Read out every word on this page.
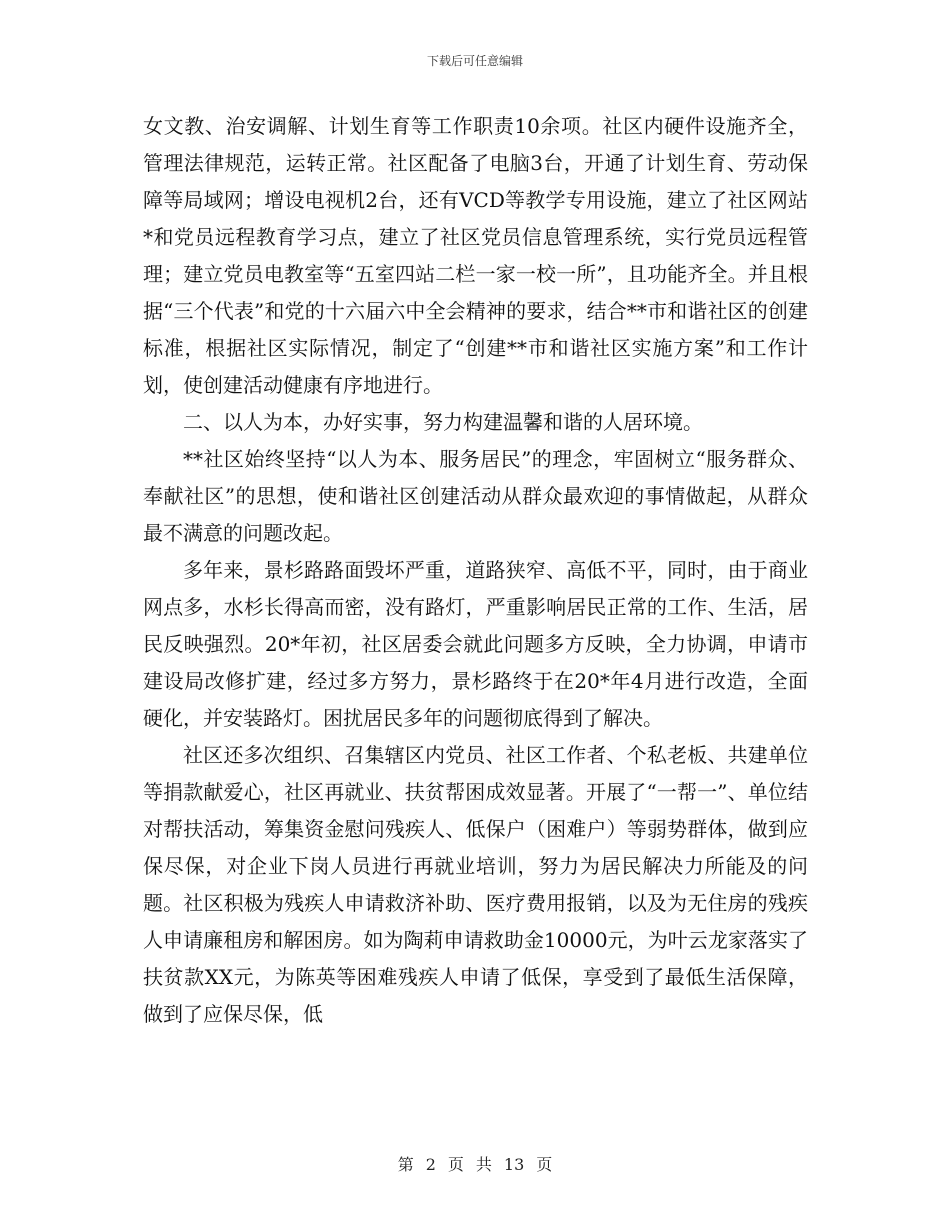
下载后可任意编辑

女文教、治安调解、计划生育等工作职责10余项。社区内硬件设施齐全，管理法律规范，运转正常。社区配备了电脑3台，开通了计划生育、劳动保障等局域网；增设电视机2台，还有VCD等教学专用设施，建立了社区网站*和党员远程教育学习点，建立了社区党员信息管理系统，实行党员远程管理；建立党员电教室等“五室四站二栏一家一校一所”，且功能齐全。并且根据“三个代表”和党的十六届六中全会精神的要求，结合**市和谐社区的创建标准，根据社区实际情况，制定了“创建**市和谐社区实施方案”和工作计划，使创建活动健康有序地进行。

二、以人为本，办好实事，努力构建温馨和谐的人居环境。

**社区始终坚持“以人为本、服务居民”的理念，牢固树立“服务群众、奉献社区”的思想，使和谐社区创建活动从群众最欢迎的事情做起，从群众最不满意的问题改起。

多年来，景杉路路面毁坏严重，道路狭窄、高低不平，同时，由于商业网点多，水杉长得高而密，没有路灯，严重影响居民正常的工作、生活，居民反映强烈。20*年初，社区居委会就此问题多方反映，全力协调，申请市建设局改修扩建，经过多方努力，景杉路终于在20*年4月进行改造，全面硬化，并安装路灯。困扰居民多年的问题彻底得到了解决。

社区还多次组织、召集辖区内党员、社区工作者、个私老板、共建单位等捐款献爱心，社区再就业、扶贫帮困成效显著。开展了“一帮一”、单位结对帮扶活动，筹集资金慰问残疾人、低保户（困难户）等弱势群体，做到应保尽保，对企业下岗人员进行再就业培训，努力为居民解决力所能及的问题。社区积极为残疾人申请救济补助、医疗费用报销，以及为无住房的残疾人申请廉租房和解困房。如为陶莉申请救助金10000元，为叶云龙家落实了扶贫款XX元，为陈英等困难残疾人申请了低保，享受到了最低生活保障，做到了应保尽保，低

第 2 页 共 13 页
